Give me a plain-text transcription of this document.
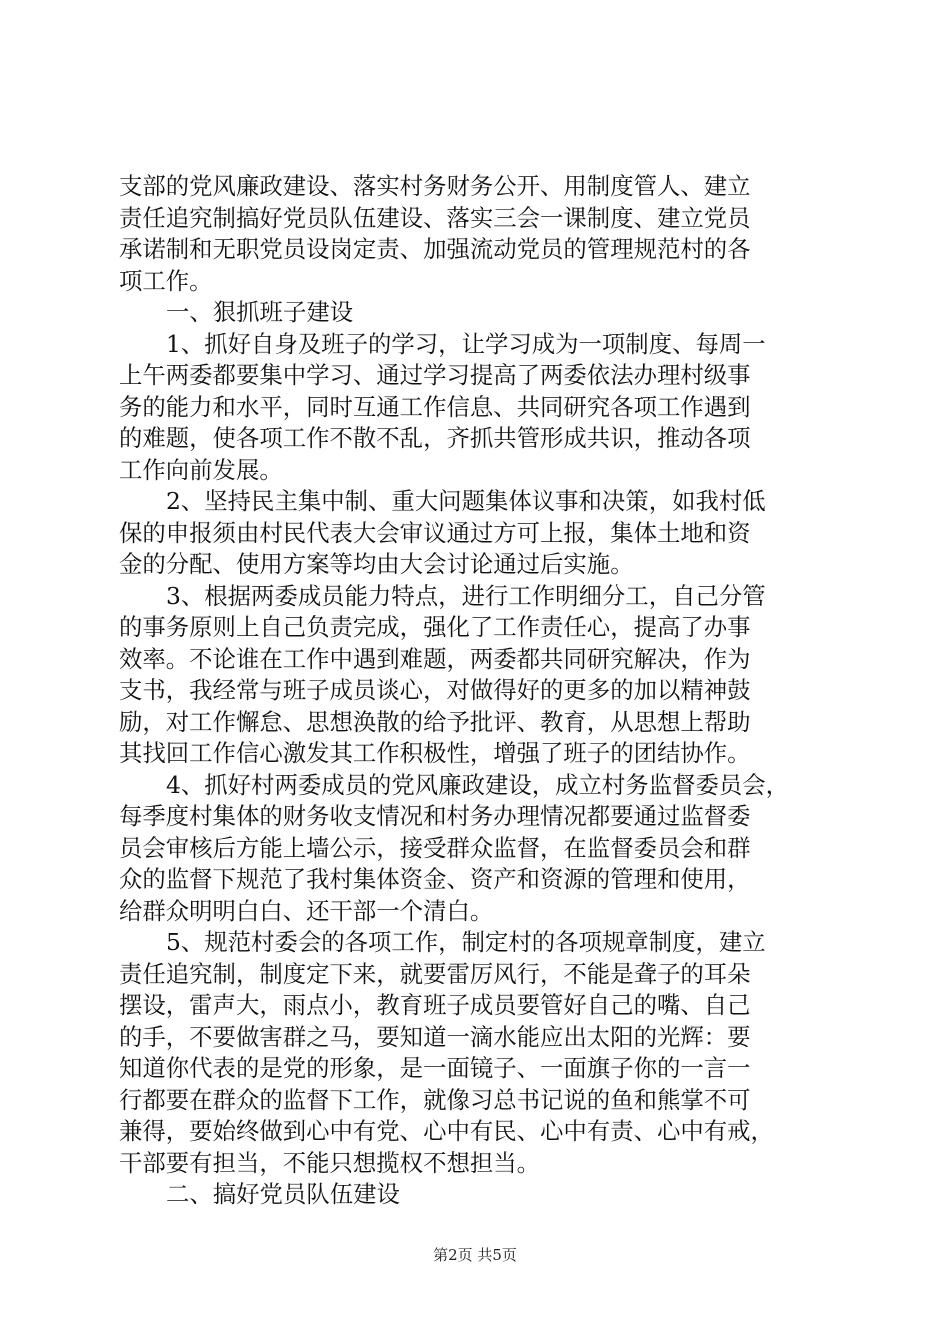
支部的党风廉政建设、落实村务财务公开、用制度管人、建立
责任追究制搞好党员队伍建设、落实三会一课制度、建立党员
承诺制和无职党员设岗定责、加强流动党员的管理规范村的各
项工作。
一、狠抓班子建设
1、抓好自身及班子的学习，让学习成为一项制度、每周一
上午两委都要集中学习、通过学习提高了两委依法办理村级事
务的能力和水平，同时互通工作信息、共同研究各项工作遇到
的难题，使各项工作不散不乱，齐抓共管形成共识，推动各项
工作向前发展。
2、坚持民主集中制、重大问题集体议事和决策，如我村低
保的申报须由村民代表大会审议通过方可上报，集体土地和资
金的分配、使用方案等均由大会讨论通过后实施。
3、根据两委成员能力特点，进行工作明细分工，自己分管
的事务原则上自己负责完成，强化了工作责任心，提高了办事
效率。不论谁在工作中遇到难题，两委都共同研究解决，作为
支书，我经常与班子成员谈心，对做得好的更多的加以精神鼓
励，对工作懈怠、思想涣散的给予批评、教育，从思想上帮助
其找回工作信心激发其工作积极性，增强了班子的团结协作。
4、抓好村两委成员的党风廉政建设，成立村务监督委员会，
每季度村集体的财务收支情况和村务办理情况都要通过监督委
员会审核后方能上墙公示，接受群众监督，在监督委员会和群
众的监督下规范了我村集体资金、资产和资源的管理和使用，
给群众明明白白、还干部一个清白。
5、规范村委会的各项工作，制定村的各项规章制度，建立
责任追究制，制度定下来，就要雷厉风行，不能是聋子的耳朵
摆设，雷声大，雨点小，教育班子成员要管好自己的嘴、自己
的手，不要做害群之马，要知道一滴水能应出太阳的光辉：要
知道你代表的是党的形象，是一面镜子、一面旗子你的一言一
行都要在群众的监督下工作，就像习总书记说的鱼和熊掌不可
兼得，要始终做到心中有党、心中有民、心中有责、心中有戒，
干部要有担当，不能只想揽权不想担当。
二、搞好党员队伍建设
第2页 共5页
